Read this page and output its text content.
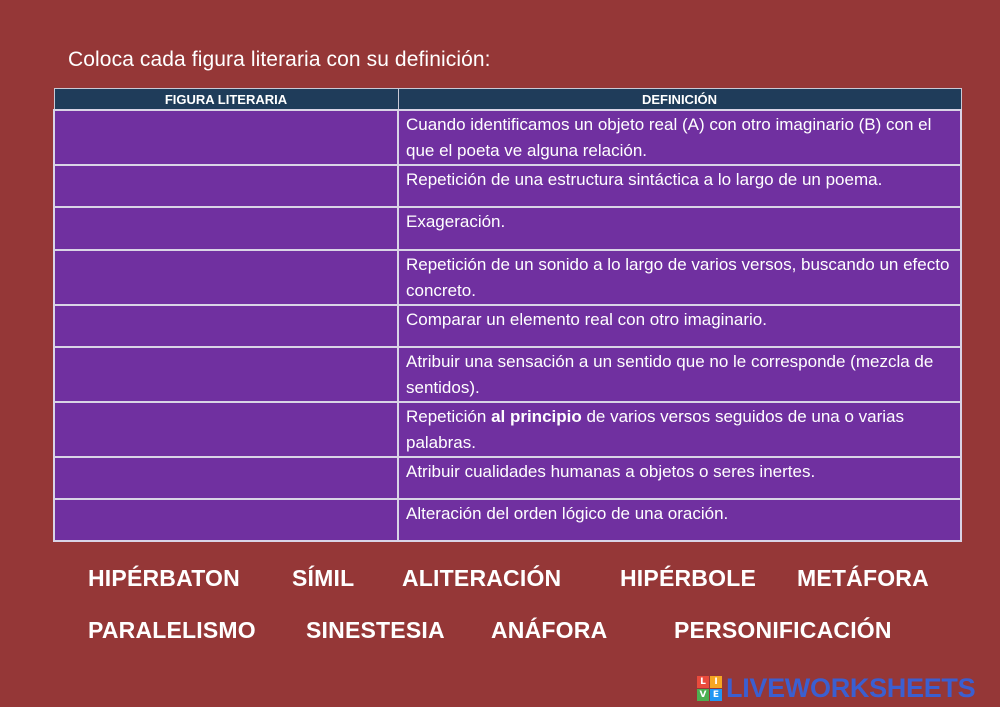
Coloca cada figura literaria con su definición:
FIGURA LITERARIA	DEFINICIÓN

	Cuando identificamos un objeto real (A) con otro imaginario (B) con el que el poeta ve alguna relación.

	Repetición de una estructura sintáctica a lo largo de un poema.

	Exageración.

	Repetición de un sonido a lo largo de varios versos, buscando un efecto concreto.

	Comparar un elemento real con otro imaginario.

	Atribuir una sensación a un sentido que no le corresponde (mezcla de sentidos).

	Repetición al principio de varios versos seguidos de una o varias palabras.

	Atribuir cualidades humanas a objetos o seres inertes.

	Alteración del orden lógico de una oración.
HIPÉRBATON SÍMIL ALITERACIÓN	HIPÉRBOLE METÁFORA
PARALELISMO SINESTESIA ANÁFORA	PERSONIFICACIÓN
L I
V E LIVEWORKSHEETS
